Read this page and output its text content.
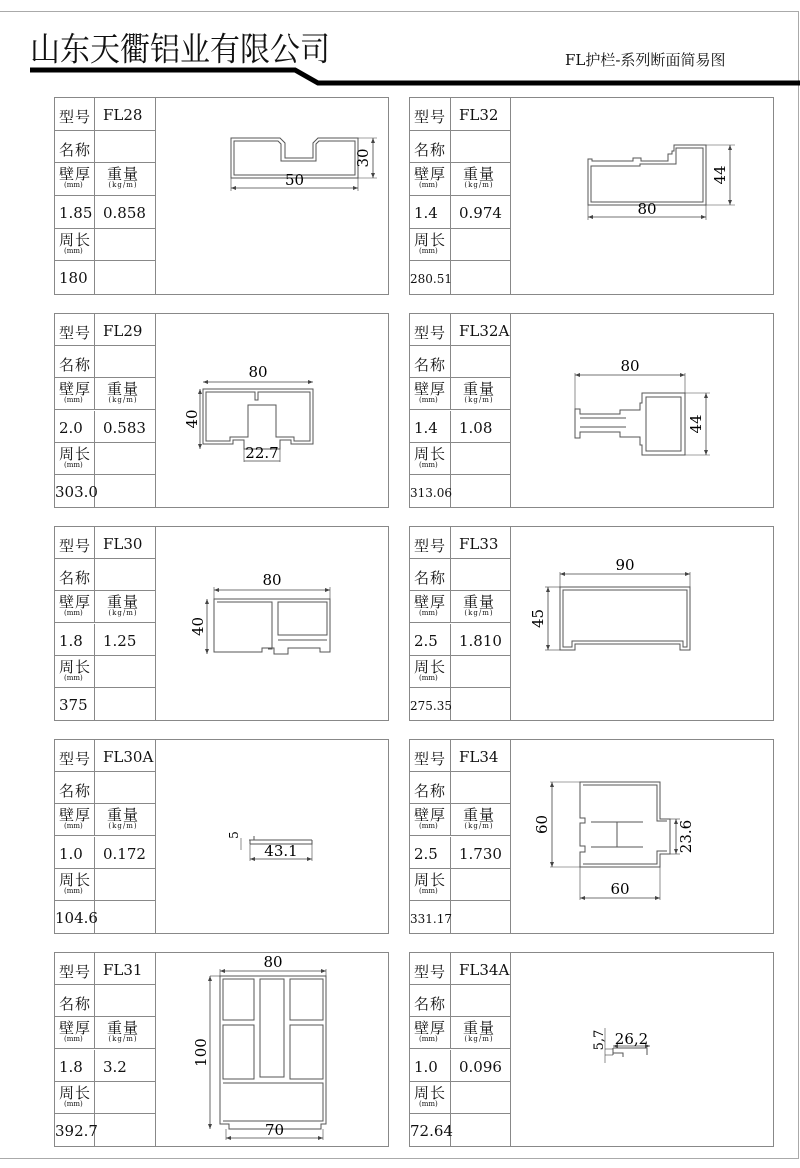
山东天衢铝业有限公司	FL护栏-系列断面简易图
型号 FL28
名称
壁厚
(mm)
重量
(kg/m)
1.85 0.858
周长
(mm)
180
50
30
型号 FL32
名称
壁厚
(mm)
重量
(kg/m)
1.4 0.974
周长
(mm)
280.51
80
44
型号 FL29
名称
壁厚
(mm)
重量
(kg/m)
2.0 0.583
周长
(mm)
303.0
80
40
22.7
型号 FL32A
名称
壁厚
(mm)
重量
(kg/m)
1.4 1.08
周长
(mm)
313.06
80
44
型号 FL30
名称
壁厚
(mm)
重量
(kg/m)
1.8 1.25
周长
(mm)
375
80
40
型号 FL33
名称
壁厚
(mm)
重量
(kg/m)
2.5 1.810
周长
(mm)
275.35
90
45
型号 FL30A
名称
壁厚
(mm)
重量
(kg/m)
1.0 0.172
周长
(mm)
104.6
43.1
5
型号 FL34
名称
壁厚
(mm)
重量
(kg/m)
2.5 1.730
周长
(mm)
331.17
60
60
23.6
型号 FL31
名称
壁厚
(mm)
重量
(kg/m)
1.8 3.2
周长
(mm)
392.7
80
100
70
型号 FL34A
名称
壁厚
(mm)
重量
(kg/m)
1.0 0.096
周长
(mm)
72.64
26,2
5,7
